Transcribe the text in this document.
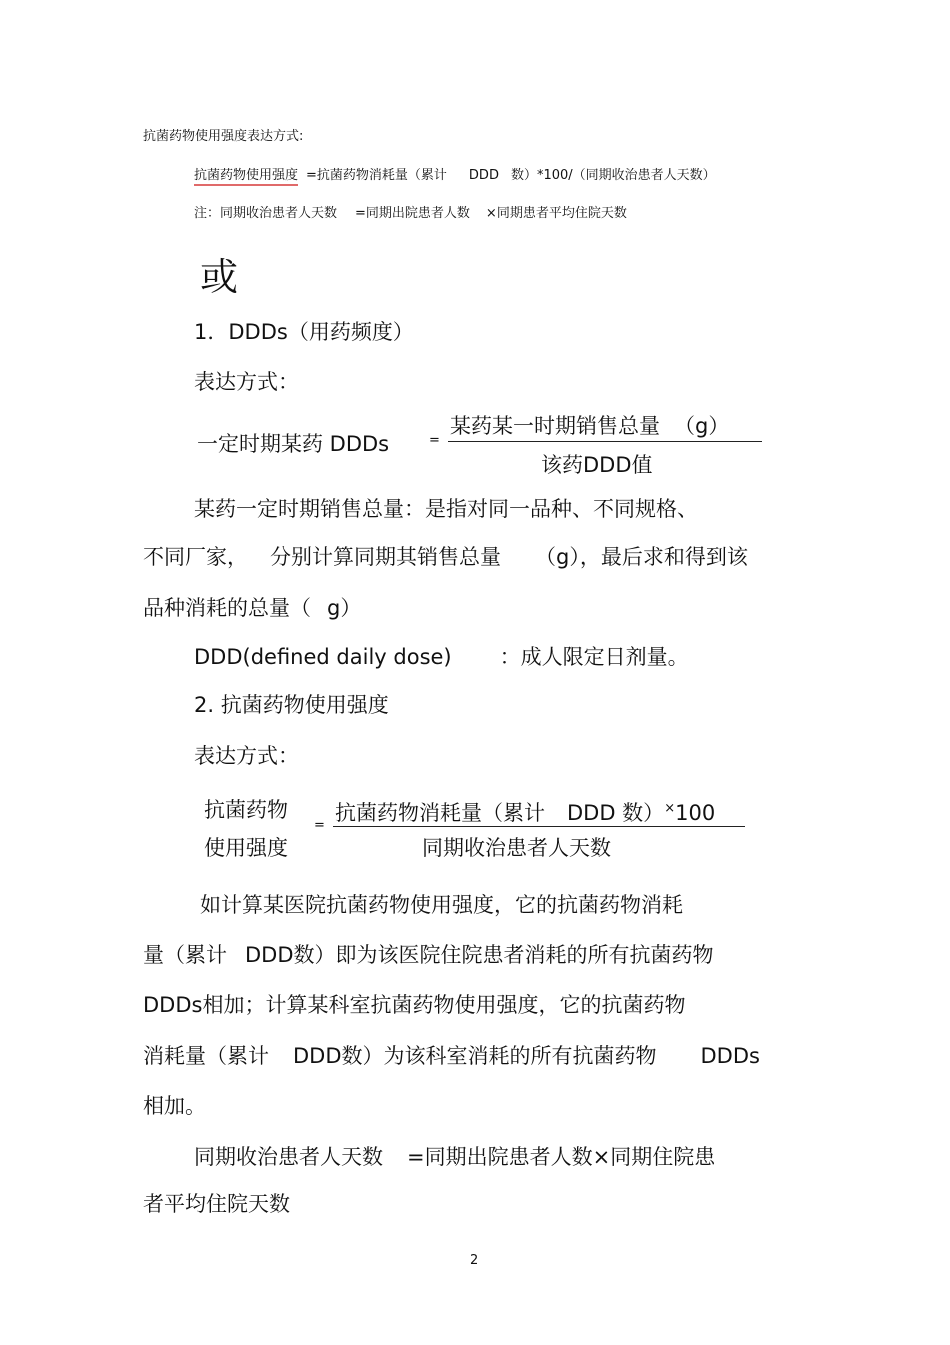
抗菌药物使用强度表达方式:
抗菌药物使用强度 =抗菌药物消耗量（累计 DDD 数）*100/（同期收治患者人天数）
注：同期收治患者人天数 =同期出院患者人数 ×同期患者平均住院天数
或
1．DDDs（用药频度）
表达方式：
一定时期某药 DDDs	=
某药某一时期销售总量 （g）
该药DDD值
某药一定时期销售总量：是指对同一品种、不同规格、
不同厂家， 分别计算同期其销售总量 （g），最后求和得到该
品种消耗的总量（ g）
DDD(defined daily dose) ：成人限定日剂量。
2. 抗菌药物使用强度
表达方式：
抗菌药物
使用强度
=
抗菌药物消耗量（累计 DDD 数）×100
同期收治患者人天数
如计算某医院抗菌药物使用强度，它的抗菌药物消耗
量（累计 DDD数）即为该医院住院患者消耗的所有抗菌药物
DDDs相加；计算某科室抗菌药物使用强度，它的抗菌药物
消耗量（累计 DDD数）为该科室消耗的所有抗菌药物 DDDs
相加。
同期收治患者人天数 =同期出院患者人数×同期住院患
者平均住院天数
2
